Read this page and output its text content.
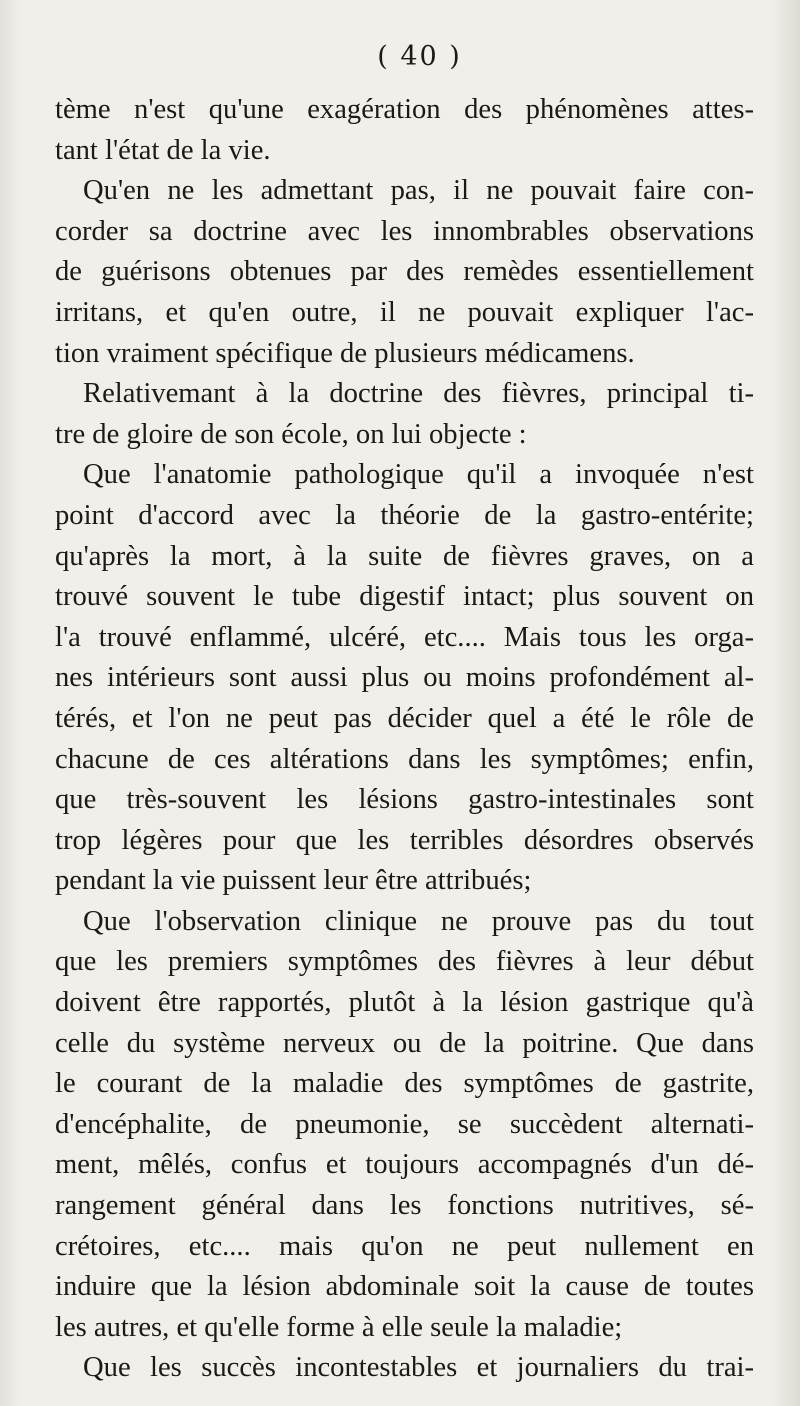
( 40 )
tème n'est qu'une exagération des phénomènes attes-
tant l'état de la vie.
Qu'en ne les admettant pas, il ne pouvait faire con-
corder sa doctrine avec les innombrables observations
de guérisons obtenues par des remèdes essentiellement
irritans, et qu'en outre, il ne pouvait expliquer l'ac-
tion vraiment spécifique de plusieurs médicamens.
Relativemant à la doctrine des fièvres, principal ti-
tre de gloire de son école, on lui objecte :
Que l'anatomie pathologique qu'il a invoquée n'est
point d'accord avec la théorie de la gastro-entérite;
qu'après la mort, à la suite de fièvres graves, on a
trouvé souvent le tube digestif intact; plus souvent on
l'a trouvé enflammé, ulcéré, etc.... Mais tous les orga-
nes intérieurs sont aussi plus ou moins profondément al-
térés, et l'on ne peut pas décider quel a été le rôle de
chacune de ces altérations dans les symptômes; enfin,
que très-souvent les lésions gastro-intestinales sont
trop légères pour que les terribles désordres observés
pendant la vie puissent leur être attribués;
Que l'observation clinique ne prouve pas du tout
que les premiers symptômes des fièvres à leur début
doivent être rapportés, plutôt à la lésion gastrique qu'à
celle du système nerveux ou de la poitrine. Que dans
le courant de la maladie des symptômes de gastrite,
d'encéphalite, de pneumonie, se succèdent alternati-
ment, mêlés, confus et toujours accompagnés d'un dé-
rangement général dans les fonctions nutritives, sé-
crétoires, etc.... mais qu'on ne peut nullement en
induire que la lésion abdominale soit la cause de toutes
les autres, et qu'elle forme à elle seule la maladie;
Que les succès incontestables et journaliers du trai-
